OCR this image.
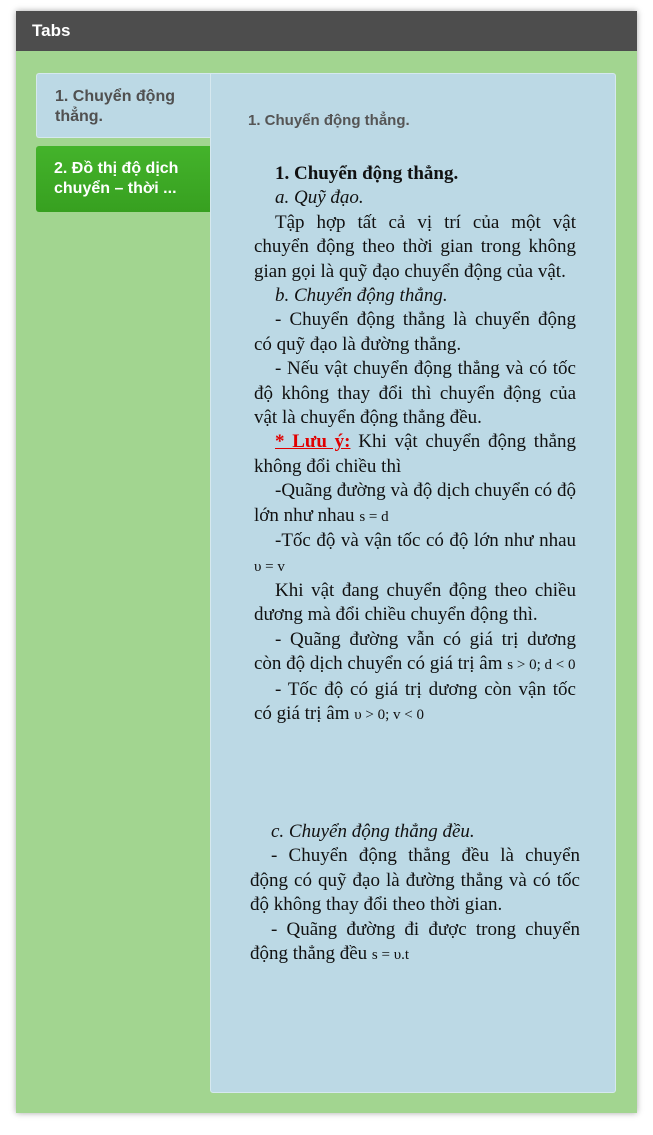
Tabs
1. Chuyển động thẳng.
2. Đồ thị độ dịch
chuyển – thời ...
1. Chuyển động thẳng.

1. Chuyển động thẳng.

a. Quỹ đạo.

Tập hợp tất cả vị trí của một vật chuyển động theo thời gian trong không gian gọi là quỹ đạo chuyển động của vật.

b. Chuyển động thẳng.

- Chuyển động thẳng là chuyển động có quỹ đạo là đường thẳng.

- Nếu vật chuyển động thẳng và có tốc độ không thay đổi thì chuyển động của vật là chuyển động thẳng đều.

* Lưu ý: Khi vật chuyển động thẳng không đổi chiều thì

-Quãng đường và độ dịch chuyển có độ lớn như nhau s = d

-Tốc độ và vận tốc có độ lớn như nhau υ = v

Khi vật đang chuyển động theo chiều dương mà đổi chiều chuyển động thì.

- Quãng đường vẫn có giá trị dương còn độ dịch chuyển có giá trị âm s > 0; d < 0

- Tốc độ có giá trị dương còn vận tốc có giá trị âm υ > 0; v < 0

c. Chuyển động thẳng đều.

- Chuyển động thẳng đều là chuyển động có quỹ đạo là đường thẳng và có tốc độ không thay đổi theo thời gian.

- Quãng đường đi được trong chuyển động thẳng đều s = υ.t
